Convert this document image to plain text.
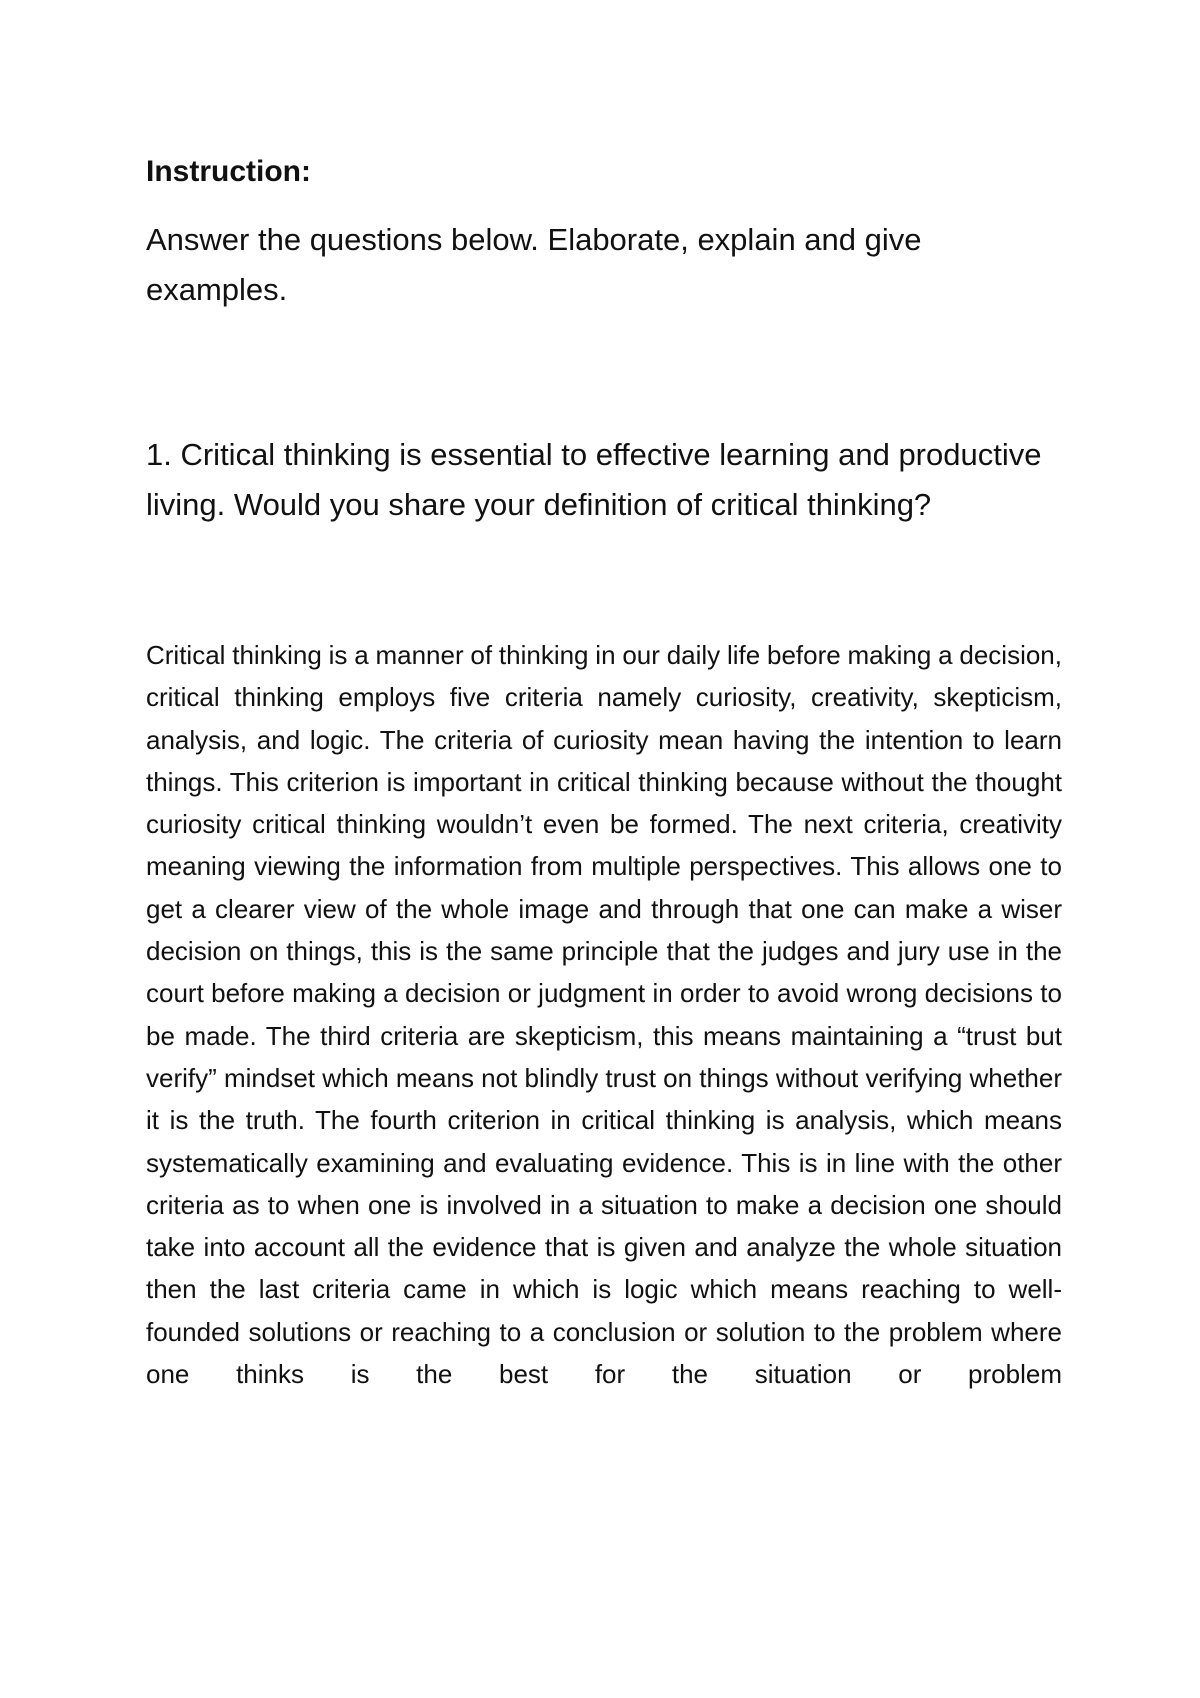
Instruction:

Answer the questions below. Elaborate, explain and give examples.

1. Critical thinking is essential to effective learning and productive living. Would you share your definition of critical thinking?

Critical thinking is a manner of thinking in our daily life before making a decision, critical thinking employs five criteria namely curiosity, creativity, skepticism, analysis, and logic. The criteria of curiosity mean having the intention to learn things. This criterion is important in critical thinking because without the thought curiosity critical thinking wouldn’t even be formed. The next criteria, creativity meaning viewing the information from multiple perspectives. This allows one to get a clearer view of the whole image and through that one can make a wiser decision on things, this is the same principle that the judges and jury use in the court before making a decision or judgment in order to avoid wrong decisions to be made. The third criteria are skepticism, this means maintaining a “trust but verify” mindset which means not blindly trust on things without verifying whether it is the truth. The fourth criterion in critical thinking is analysis, which means systematically examining and evaluating evidence. This is in line with the other criteria as to when one is involved in a situation to make a decision one should take into account all the evidence that is given and analyze the whole situation then the last criteria came in which is logic which means reaching to well-founded solutions or reaching to a conclusion or solution to the problem where one thinks is the best for the situation or problem
